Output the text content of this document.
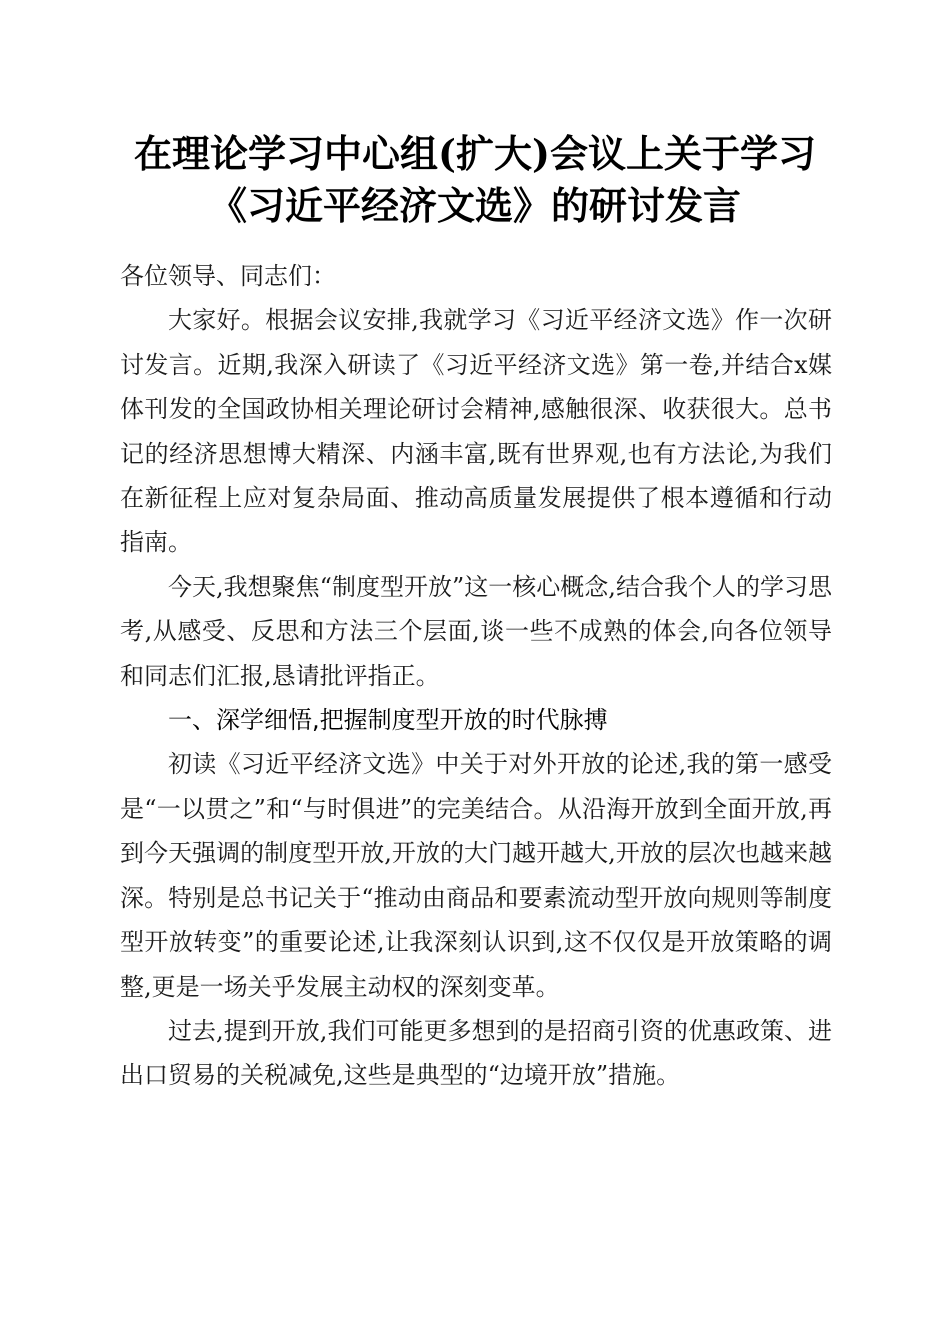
在理论学习中心组(扩大)会议上关于学习《习近平经济文选》的研讨发言

各位领导、同志们：

大家好。根据会议安排,我就学习《习近平经济文选》作一次研讨发言。近期,我深入研读了《习近平经济文选》第一卷,并结合x媒体刊发的全国政协相关理论研讨会精神,感触很深、收获很大。总书记的经济思想博大精深、内涵丰富,既有世界观,也有方法论,为我们在新征程上应对复杂局面、推动高质量发展提供了根本遵循和行动指南。

今天,我想聚焦“制度型开放”这一核心概念,结合我个人的学习思考,从感受、反思和方法三个层面,谈一些不成熟的体会,向各位领导和同志们汇报,恳请批评指正。

一、深学细悟,把握制度型开放的时代脉搏

初读《习近平经济文选》中关于对外开放的论述,我的第一感受是“一以贯之”和“与时俱进”的完美结合。从沿海开放到全面开放,再到今天强调的制度型开放,开放的大门越开越大,开放的层次也越来越深。特别是总书记关于“推动由商品和要素流动型开放向规则等制度型开放转变”的重要论述,让我深刻认识到,这不仅仅是开放策略的调整,更是一场关乎发展主动权的深刻变革。

过去,提到开放,我们可能更多想到的是招商引资的优惠政策、进出口贸易的关税减免,这些是典型的“边境开放”措施。
